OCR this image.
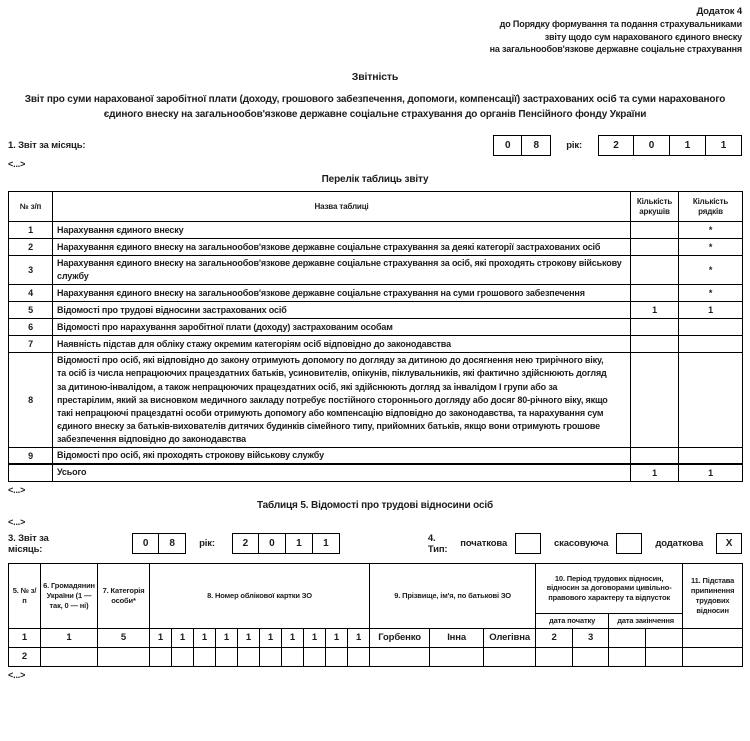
Додаток 4
до Порядку формування та подання страхувальниками
звіту щодо сум нарахованого єдиного внеску
на загальнообов'язкове державне соціальне страхування
Звітність
Звіт про суми нарахованої заробітної плати (доходу, грошового забезпечення, допомоги, компенсації) застрахованих осіб та суми нарахованого єдиного внеску на загальнообов'язкове державне соціальне страхування до органів Пенсійного фонду України
1. Звіт за місяць:	0	8	рік:	2	0	1	1
<...>
Перелік таблиць звіту
№ з/п	Назва таблиці	Кількість аркушів	Кількість рядків
1	Нарахування єдиного внеску		*
2	Нарахування єдиного внеску на загальнообов'язкове державне соціальне страхування за деякі категорії застрахованих осіб		*
3	Нарахування єдиного внеску на загальнообов'язкове державне соціальне страхування за осіб, які проходять строкову військову службу		*
4	Нарахування єдиного внеску на загальнообов'язкове державне соціальне страхування на суми грошового забезпечення		*
5	Відомості про трудові відносини застрахованих осіб	1	1
6	Відомості про нарахування заробітної плати (доходу) застрахованим особам		
7	Наявність підстав для обліку стажу окремим категоріям осіб відповідно до законодавства		
8	Відомості про осіб, які відповідно до закону отримують допомогу по догляду за дитиною до досягнення нею трирічного віку, та осіб із числа непрацюючих працездатних батьків, усиновителів, опікунів, піклувальників, які фактично здійснюють догляд за дитиною-інвалідом, а також непрацюючих працездатних осіб, які здійснюють догляд за інвалідом І групи або за престарілим, який за висновком медичного закладу потребує постійного стороннього догляду або досяг 80-річного віку, якщо такі непрацюючі працездатні особи отримують допомогу або компенсацію відповідно до законодавства, та нарахування сум єдиного внеску за батьків-вихователів дитячих будинків сімейного типу, прийомних батьків, якщо вони отримують грошове забезпечення відповідно до законодавства		
9	Відомості про осіб, які проходять строкову військову службу		
	Усього	1	1
<...>
Таблиця 5. Відомості про трудові відносини осіб
<...>
3. Звіт за місяць:	0	8	рік:	2	0	1	1	4. Тип:	початкова	скасовуюча	додаткова	X
5. № з/п	6. Громадянин України (1 — так, 0 — ні)	7. Категорія особи*	8. Номер облікової картки ЗО										9. Прізвище, ім'я, по батькові ЗО			10. Період трудових відносин, відносин за договорами цивільно-правового характеру та відпусток				11. Підстава припинення трудових відносин
																дата початку		дата закінчення		
1	1	5	1	1	1	1	1	1	1	1	1	1	Горбенко	Інна	Олегівна	2	3			
2																				
<...>
